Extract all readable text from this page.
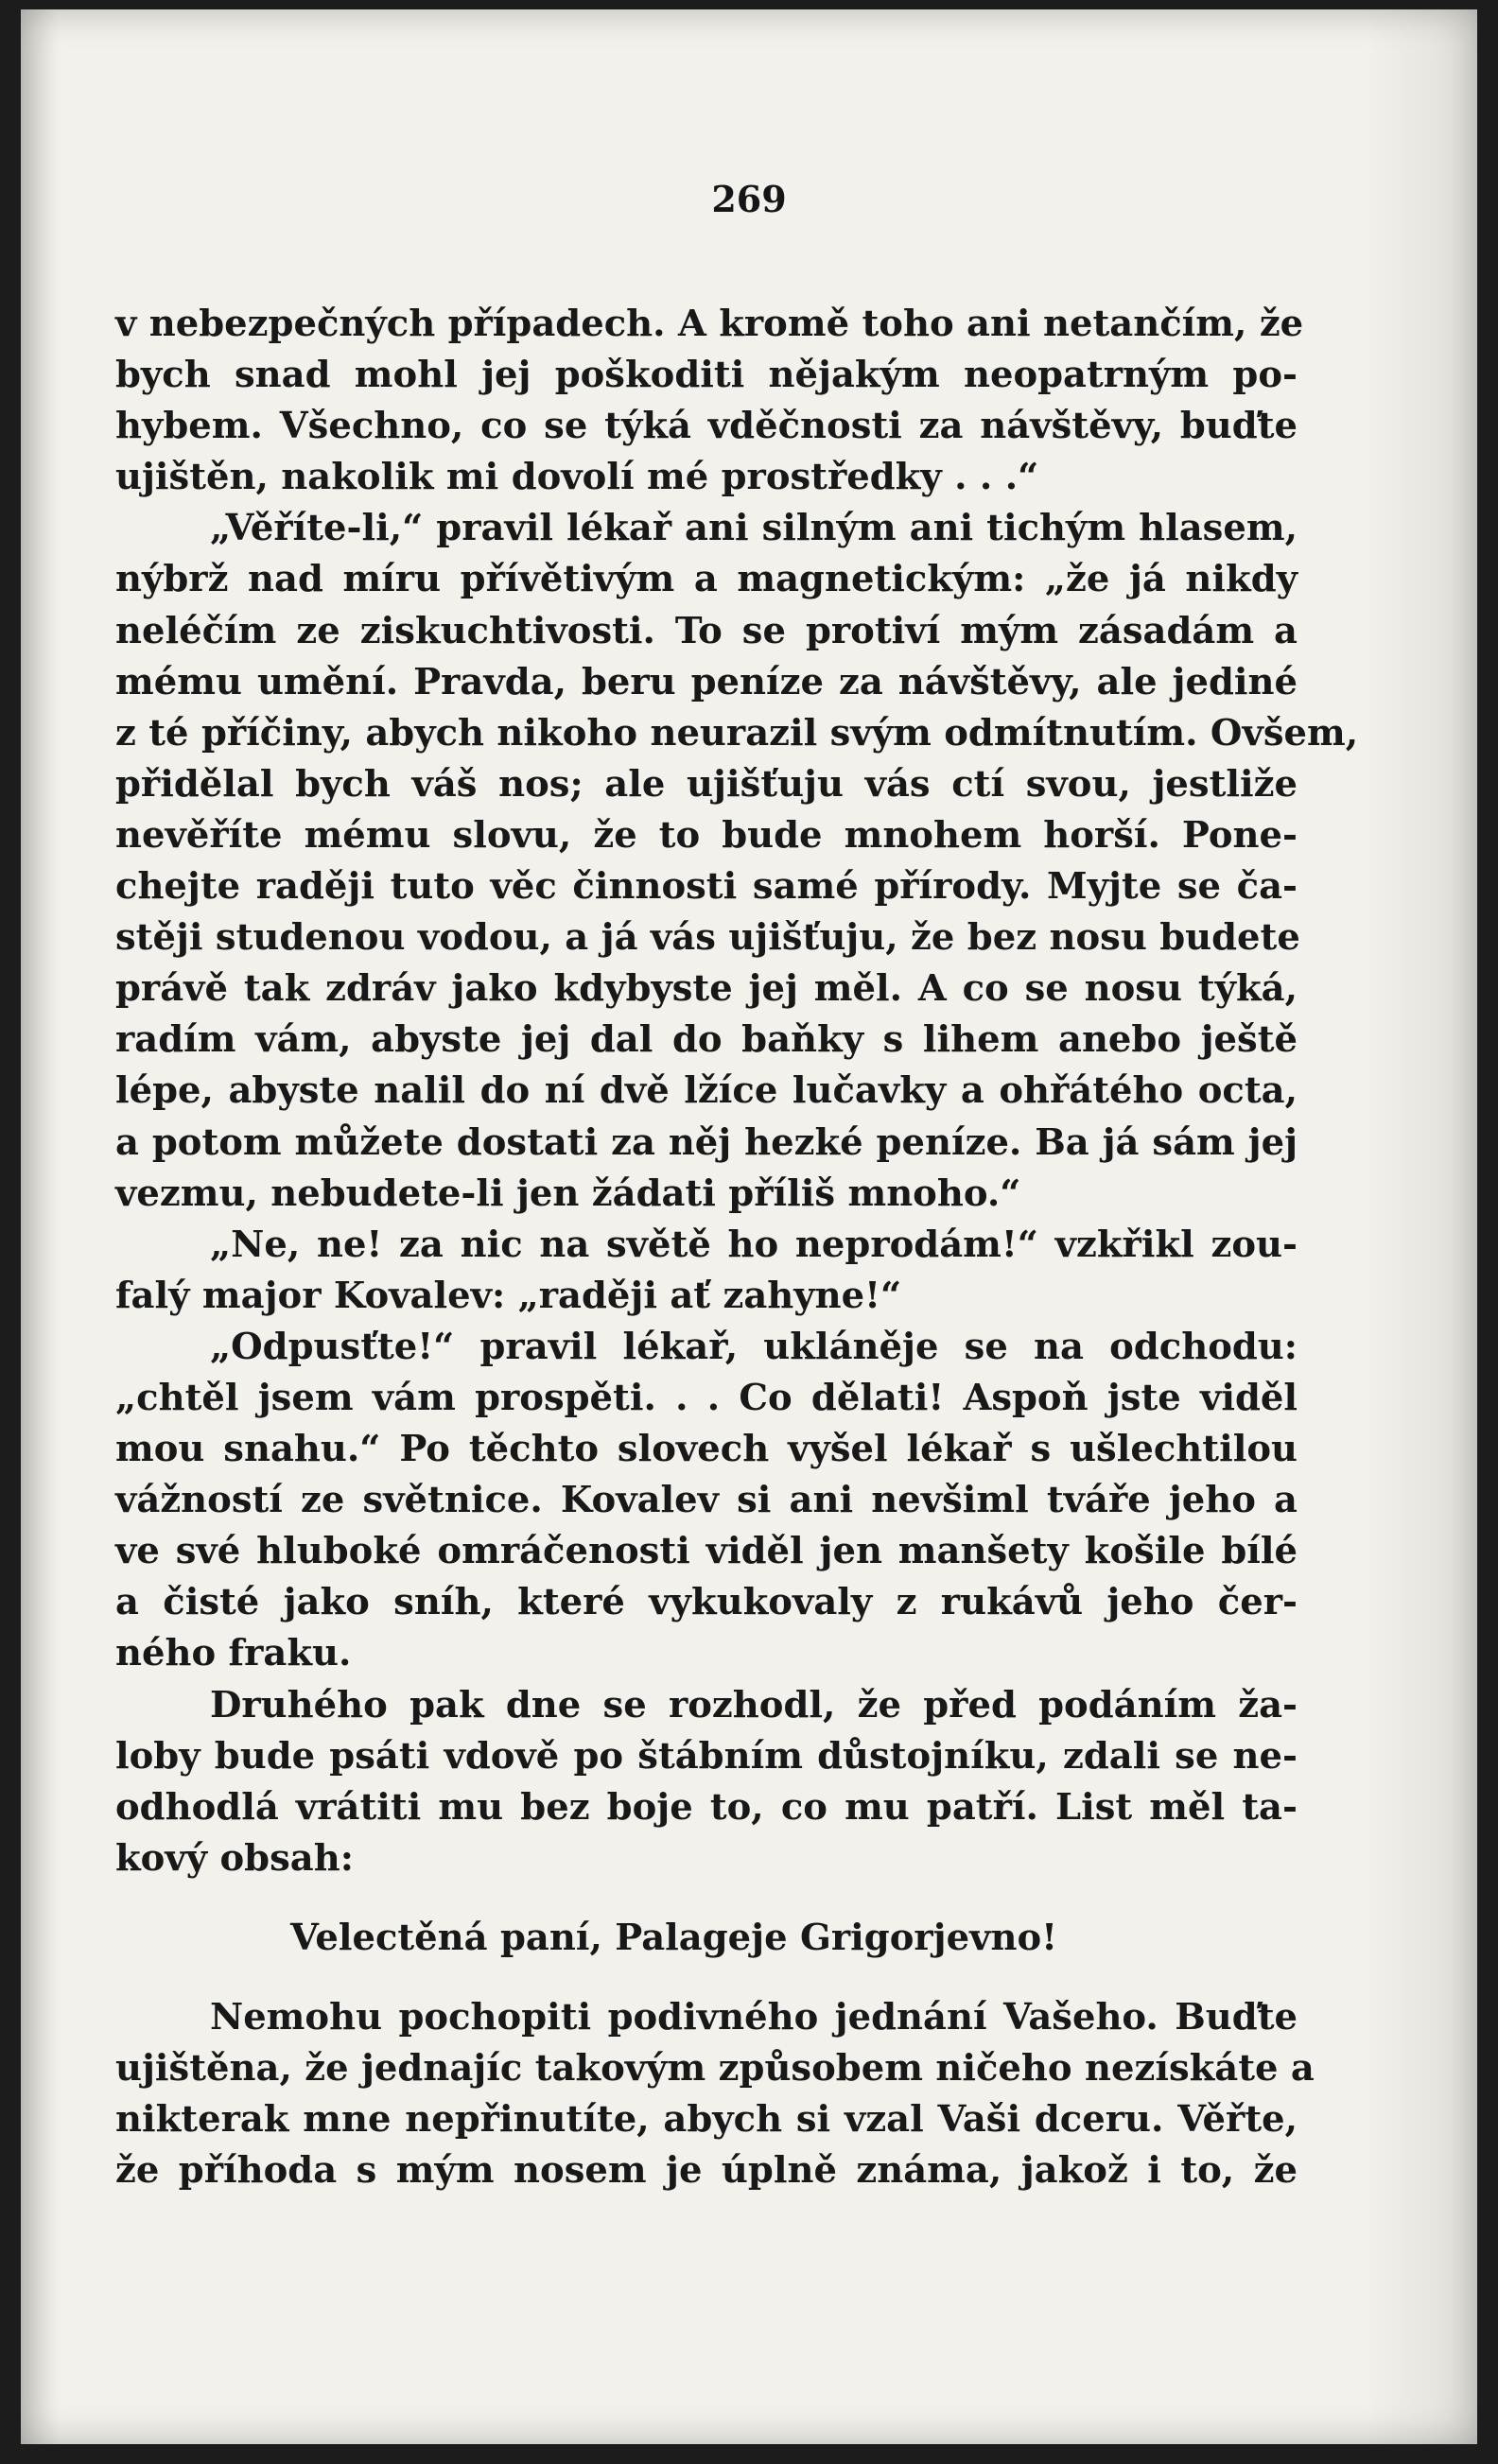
269
v nebezpečných případech. A kromě toho ani netančím, že
bych snad mohl jej poškoditi nějakým neopatrným po-
hybem. Všechno, co se týká vděčnosti za návštěvy, buďte
ujištěn, nakolik mi dovolí mé prostředky . . .“
„Věříte-li,“ pravil lékař ani silným ani tichým hlasem,
nýbrž nad míru přívětivým a magnetickým: „že já nikdy
neléčím ze ziskuchtivosti. To se protiví mým zásadám a
mému umění. Pravda, beru peníze za návštěvy, ale jediné
z té příčiny, abych nikoho neurazil svým odmítnutím. Ovšem,
přidělal bych váš nos; ale ujišťuju vás ctí svou, jestliže
nevěříte mému slovu, že to bude mnohem horší. Pone-
chejte raději tuto věc činnosti samé přírody. Myjte se ča-
stěji studenou vodou, a já vás ujišťuju, že bez nosu budete
právě tak zdráv jako kdybyste jej měl. A co se nosu týká,
radím vám, abyste jej dal do baňky s lihem anebo ještě
lépe, abyste nalil do ní dvě lžíce lučavky a ohřátého octa,
a potom můžete dostati za něj hezké peníze. Ba já sám jej
vezmu, nebudete-li jen žádati příliš mnoho.“
„Ne, ne! za nic na světě ho neprodám!“ vzkřikl zou-
falý major Kovalev: „raději ať zahyne!“
„Odpusťte!“ pravil lékař, ukláněje se na odchodu:
„chtěl jsem vám prospěti. . . Co dělati! Aspoň jste viděl
mou snahu.“ Po těchto slovech vyšel lékař s ušlechtilou
vážností ze světnice. Kovalev si ani nevšiml tváře jeho a
ve své hluboké omráčenosti viděl jen manšety košile bílé
a čisté jako sníh, které vykukovaly z rukávů jeho čer-
ného fraku.
Druhého pak dne se rozhodl, že před podáním ža-
loby bude psáti vdově po štábním důstojníku, zdali se ne-
odhodlá vrátiti mu bez boje to, co mu patří. List měl ta-
kový obsah:
Velectěná paní, Palageje Grigorjevno!
Nemohu pochopiti podivného jednání Vašeho. Buďte
ujištěna, že jednajíc takovým způsobem ničeho nezískáte a
nikterak mne nepřinutíte, abych si vzal Vaši dceru. Věřte,
že příhoda s mým nosem je úplně známa, jakož i to, že
